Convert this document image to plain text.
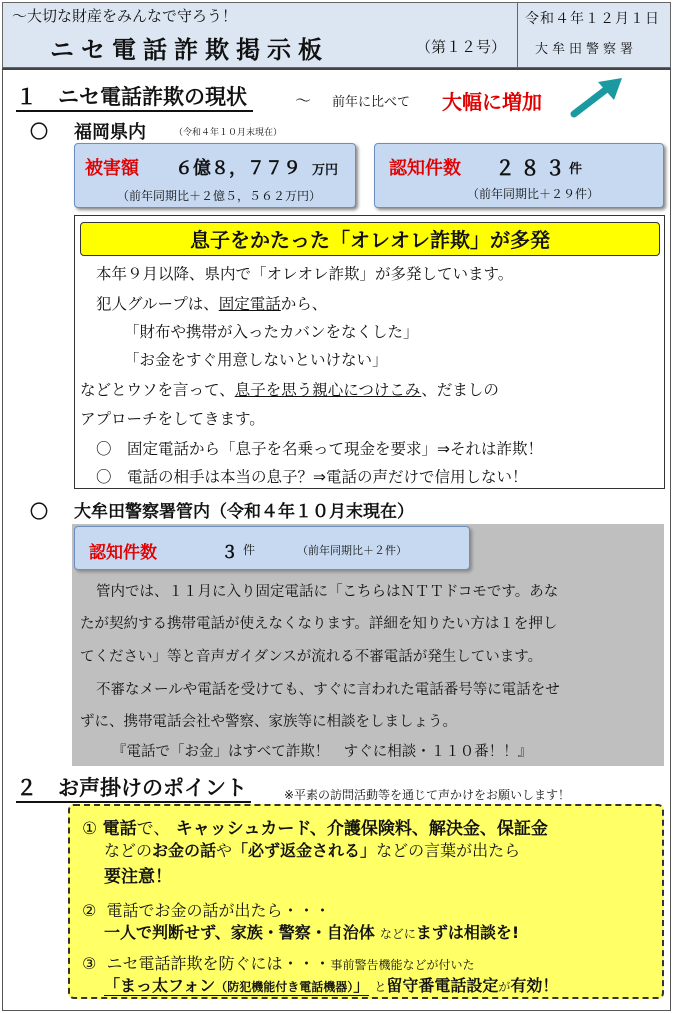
～大切な財産をみんなで守ろう！
ニセ電話詐欺掲示板	（第１２号）
令和４年１２月１日
大牟田警察署
１　ニセ電話詐欺の現状	～ 前年に比べて 大幅に増加
〇 福岡県内	（令和４年１０月末現在）
被害額 ６億８，７７９ 万円
（前年同期比＋２億５，５６２万円）
認知件数 ２８３ 件
（前年同期比＋２９件）
息子をかたった「オレオレ詐欺」が多発
本年９月以降、県内で「オレオレ詐欺」が多発しています。
犯人グループは、固定電話から、
「財布や携帯が入ったカバンをなくした」
「お金をすぐ用意しないといけない」
などとウソを言って、息子を思う親心につけこみ、だましの
アプローチをしてきます。
〇　固定電話から「息子を名乗って現金を要求」⇒それは詐欺！
〇　電話の相手は本当の息子？⇒電話の声だけで信用しない！
〇 大牟田警察署管内（令和４年１０月末現在）
認知件数	３ 件	（前年同期比＋２件）
管内では、１１月に入り固定電話に「こちらはＮＴＴドコモです。あな
たが契約する携帯電話が使えなくなります。詳細を知りたい方は１を押し
てください」等と音声ガイダンスが流れる不審電話が発生しています。
不審なメールや電話を受けても、すぐに言われた電話番号等に電話をせ
ずに、携帯電話会社や警察、家族等に相談をしましょう。
『電話で「お金」はすべて詐欺！　すぐに相談・１１０番！！』
２　お声掛けのポイント	※平素の訪問活動等を通じて声かけをお願いします！
① 電話で、 キャッシュカード、介護保険料、解決金、保証金
などのお金の話や「必ず返金される」などの言葉が出たら
要注意！
② 電話でお金の話が出たら・・・
一人で判断せず、家族・警察・自治体 などにまずは相談を!
③ ニセ電話詐欺を防ぐには・・・事前警告機能などが付いた
「まっ太フォン（防犯機能付き電話機器）」 と留守番電話設定が有効！
